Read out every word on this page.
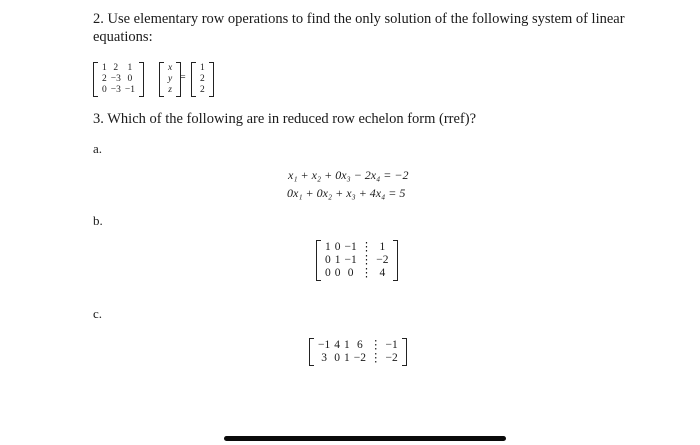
2. Use elementary row operations to find the only solution of the following system of linear
equations:
1 2 1
2 −3 0
0 −3 −1
x
y
z
=
1
2
2
3. Which of the following are in reduced row echelon form (rref)?
a.
x₁ + x₂ + 0x₃ − 2x₄ = −2
0x₁ + 0x₂ + x₃ + 4x₄ = 5
b.
1 0 −1 ⋮ 1
0 1 −1 ⋮ −2
0 0 0 ⋮ 4
c.
−1 4 1 6 ⋮ −1
3 0 1 −2 ⋮ −2
